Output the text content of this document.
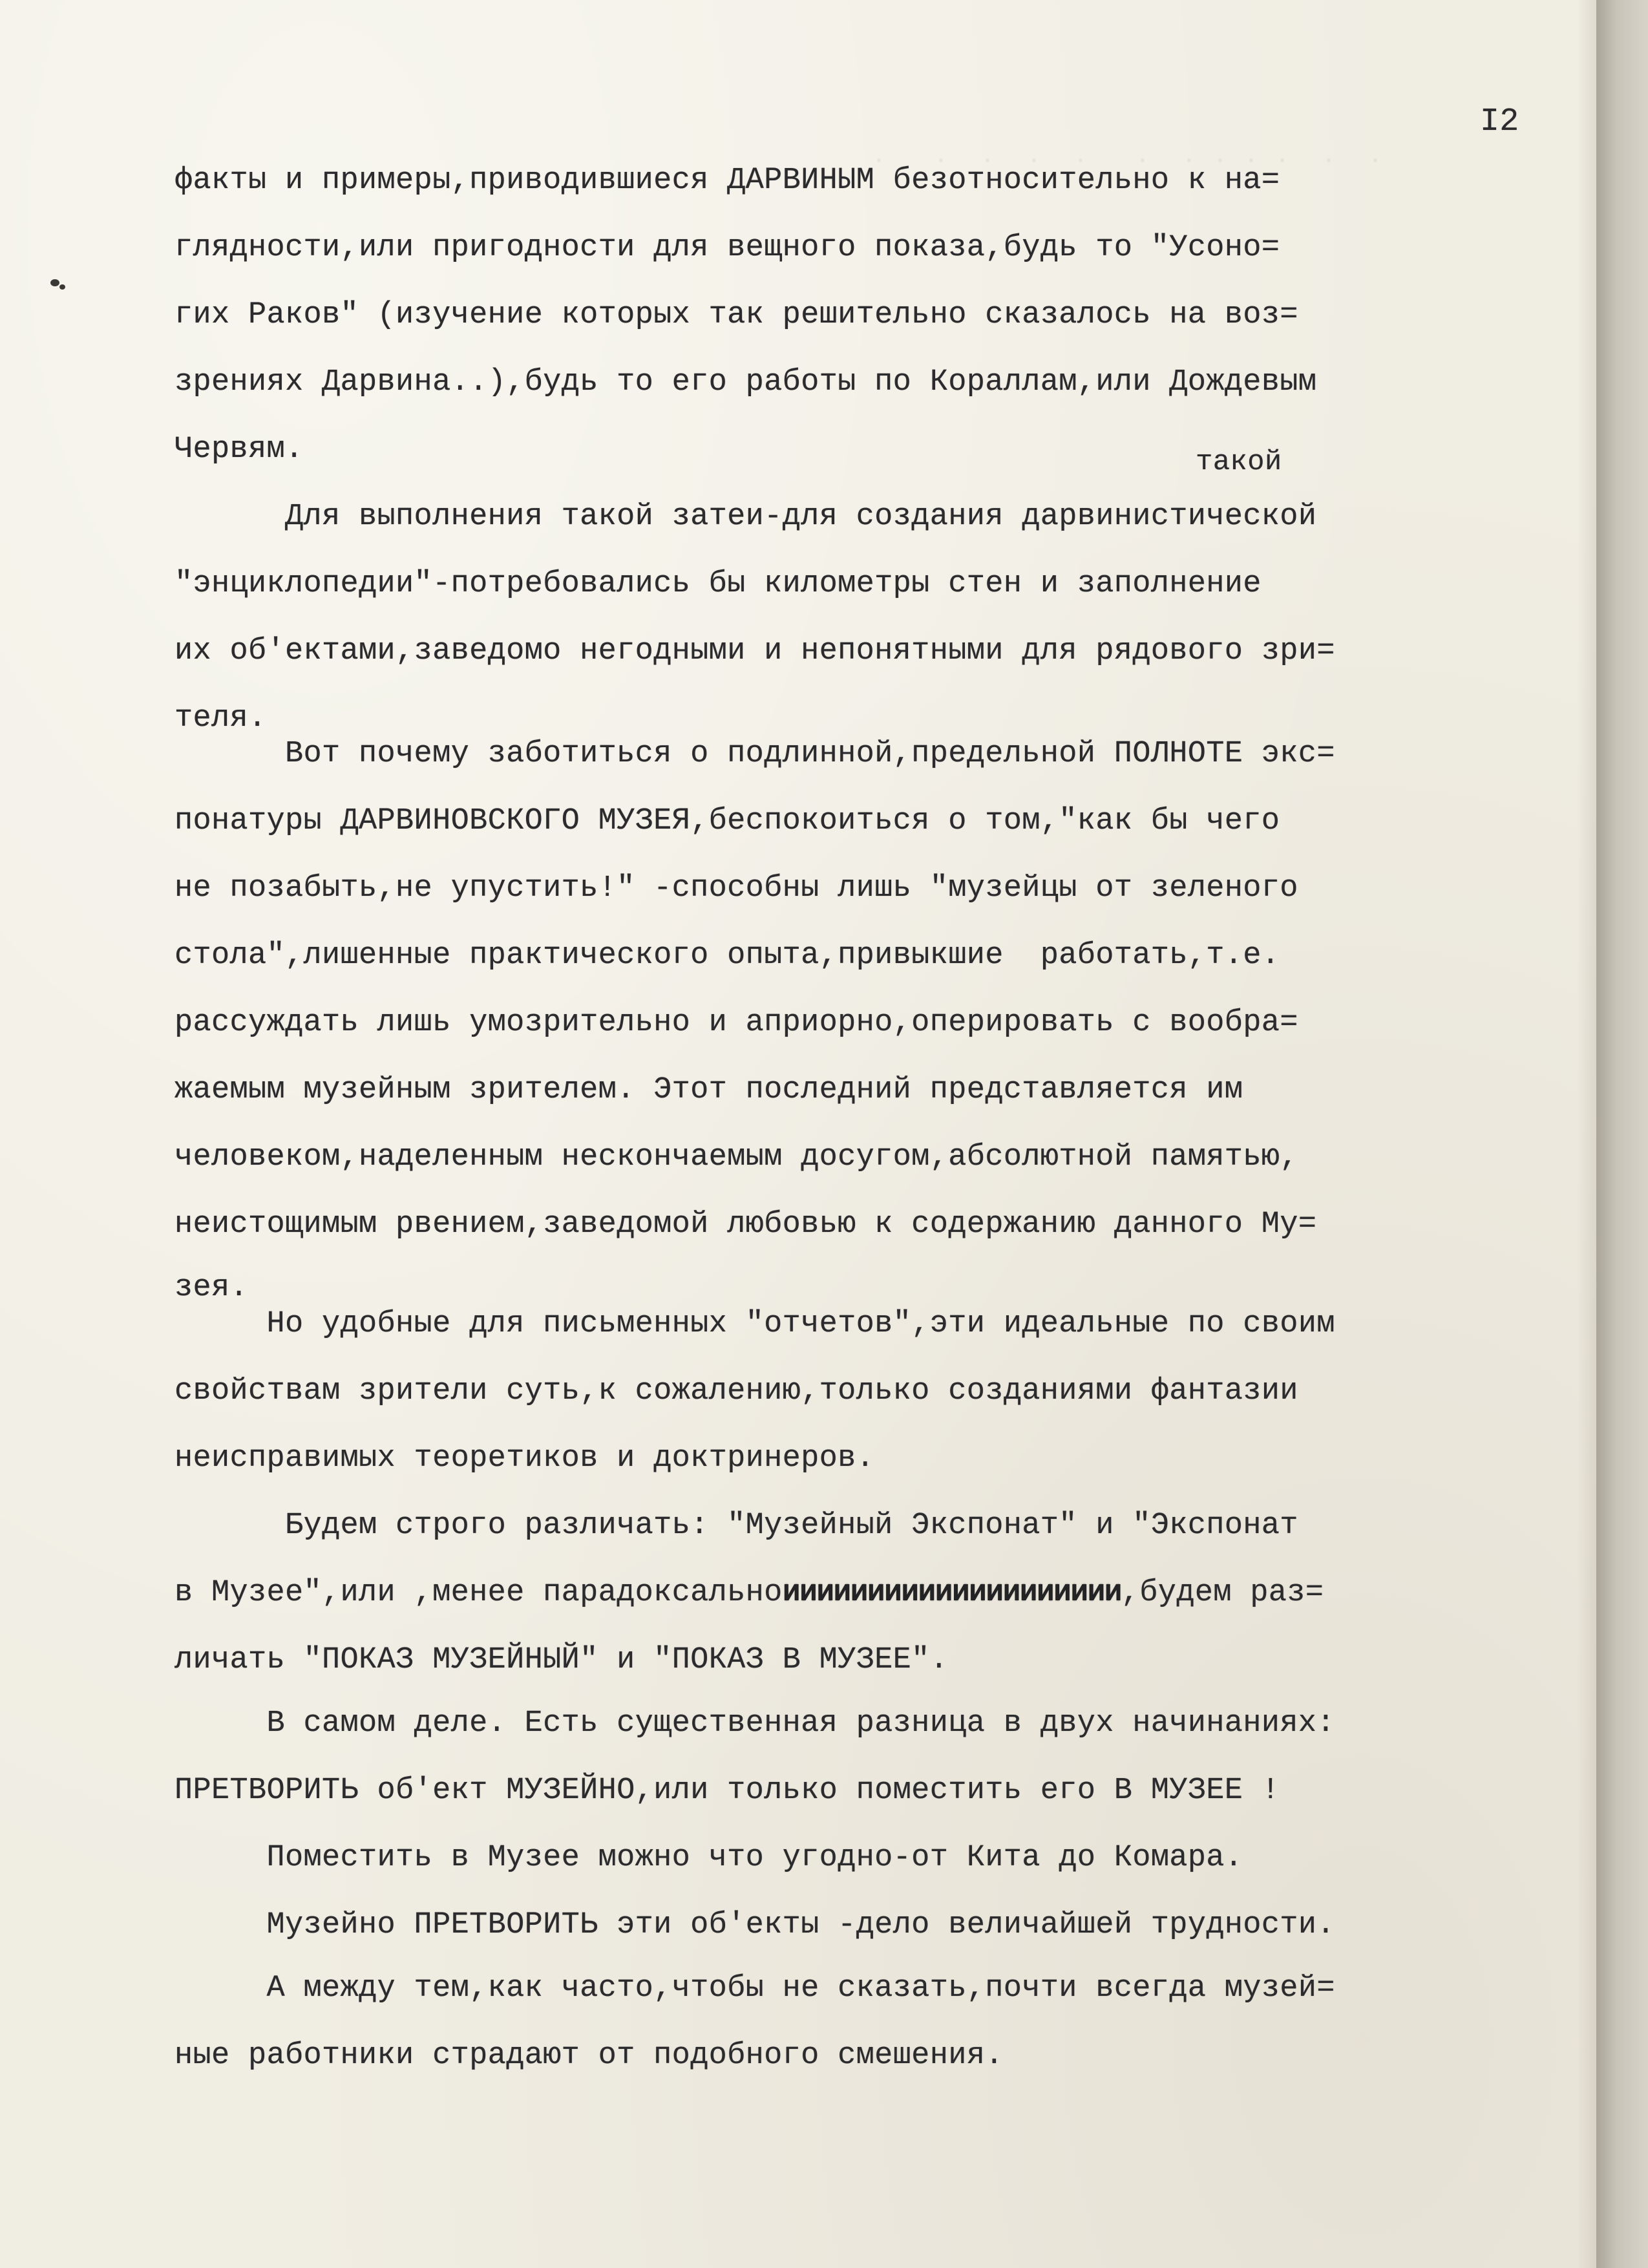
.  .  . . . .  .   .  .  .  .   .
I2
такой
факты и примеры,приводившиеся ДАРВИНЫМ безотносительно к на=
глядности,или пригодности для вещного показа,будь то "Усоно=
гих Раков" (изучение которых так решительно сказалось на воз=
зрениях Дарвина..),будь то его работы по Кораллам,или Дождевым
Червям.
Для выполнения такой затеи-для создания дарвинистической
"энциклопедии"-потребовались бы километры стен и заполнение
их об'ектами,заведомо негодными и непонятными для рядового зри=
теля.
Вот почему заботиться о подлинной,предельной ПОЛНОТЕ экс=
понатуры ДАРВИНОВСКОГО МУЗЕЯ,беспокоиться о том,"как бы чего
не позабыть,не упустить!" -способны лишь "музейцы от зеленого
стола",лишенные практического опыта,привыкшие  работать,т.е.
рассуждать лишь умозрительно и априорно,оперировать с вообра=
жаемым музейным зрителем. Этот последний представляется им
человеком,наделенным нескончаемым досугом,абсолютной памятью,
неистощимым рвением,заведомой любовью к содержанию данного Му=
зея.
Но удобные для письменных "отчетов",эти идеальные по своим
свойствам зрители суть,к сожалению,только созданиями фантазии
неисправимых теоретиков и доктринеров.
Будем строго различать: "Музейный Экспонат" и "Экспонат
в Музее",или ,менее парадоксальноииииииииииииииииииии,будем раз=
личать "ПОКАЗ МУЗЕЙНЫЙ" и "ПОКАЗ В МУЗЕЕ".
В самом деле. Есть существенная разница в двух начинаниях:
ПРЕТВОРИТЬ об'ект МУЗЕЙНО,или только поместить его В МУЗЕЕ !
Поместить в Музее можно что угодно-от Кита до Комара.
Музейно ПРЕТВОРИТЬ эти об'екты -дело величайшей трудности.
А между тем,как часто,чтобы не сказать,почти всегда музей=
ные работники страдают от подобного смешения.
